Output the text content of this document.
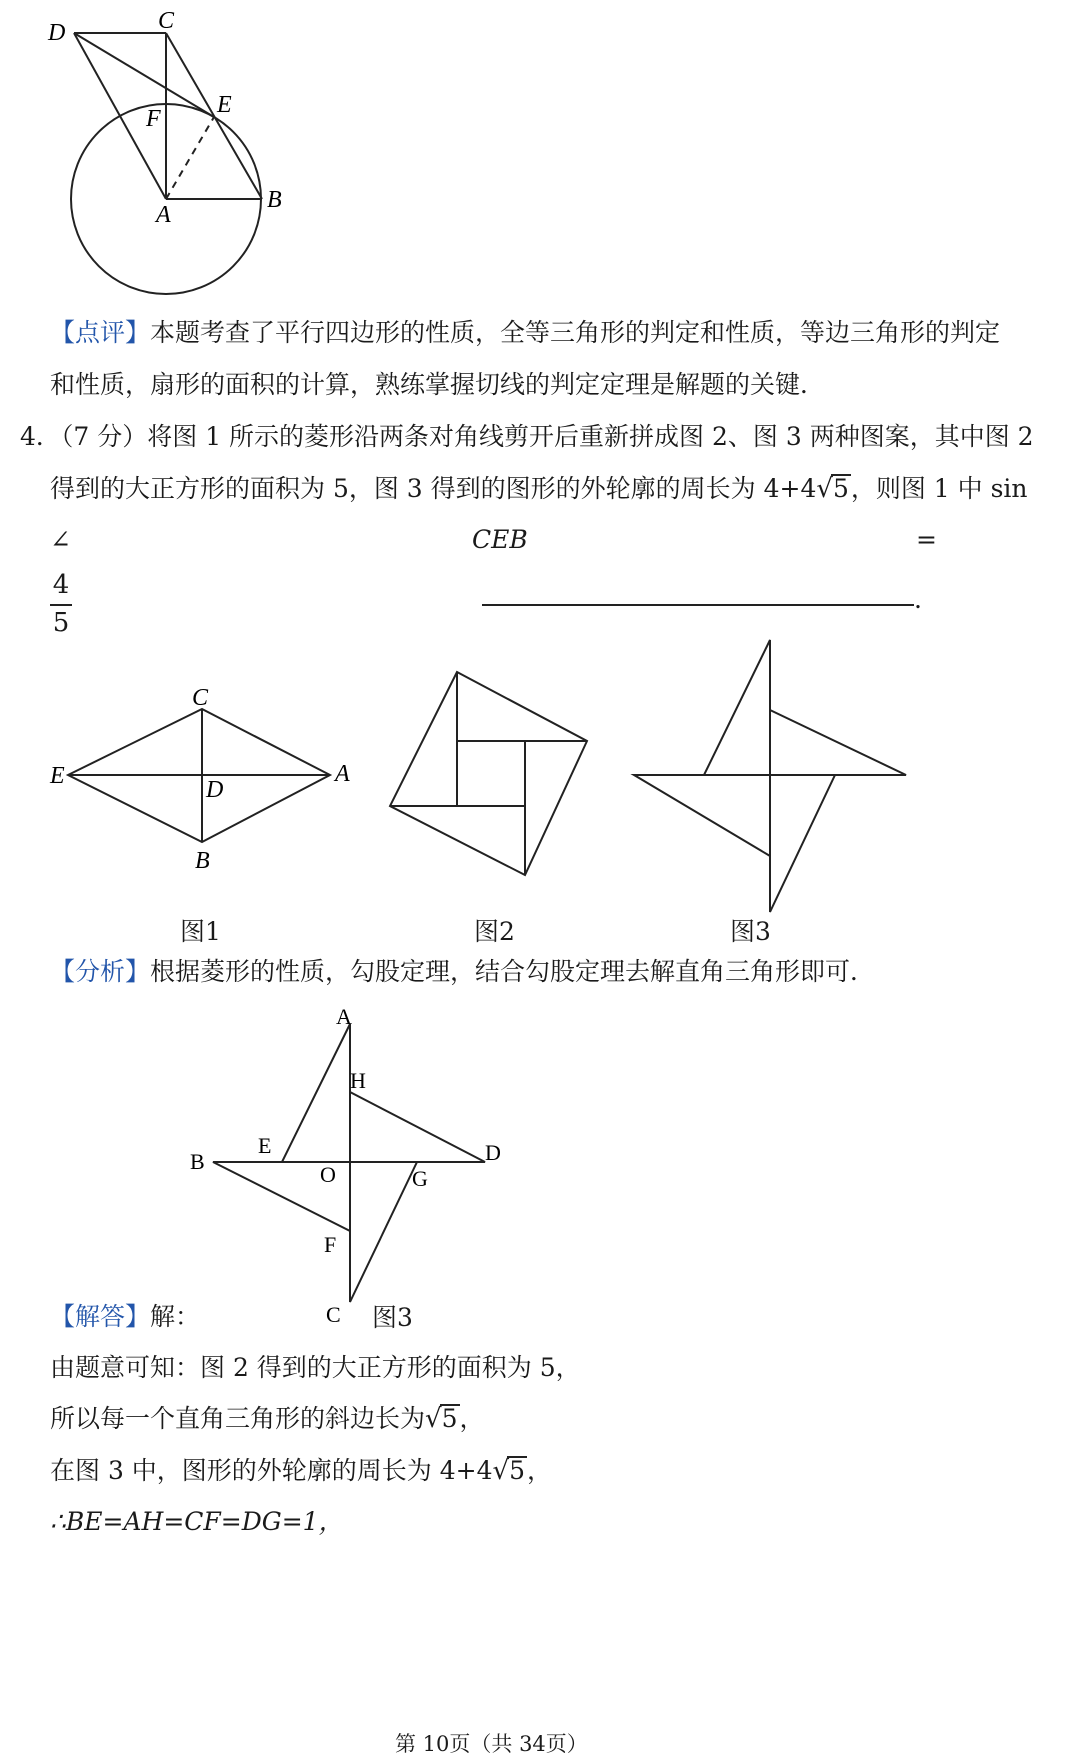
D	C
E
F
A
B
【点评】本题考查了平行四边形的性质，全等三角形的判定和性质，等边三角形的判定
和性质，扇形的面积的计算，熟练掌握切线的判定定理是解题的关键．
4．（7 分）将图 1 所示的菱形沿两条对角线剪开后重新拼成图 2、图 3 两种图案，其中图 2
得到的大正方形的面积为 5，图 3 得到的图形的外轮廓的周长为 4+4√5，则图 1 中 sin
∠	CEB	=
4
5
.
C
E	A
D
B
图1	图2	图3
【分析】根据菱形的性质，勾股定理，结合勾股定理去解直角三角形即可．
A
H
B
E
O	G
D
F
C 图3
【解答】解：
由题意可知：图 2 得到的大正方形的面积为 5，
所以每一个直角三角形的斜边长为√5，
在图 3 中，图形的外轮廓的周长为 4+4√5，
∴BE=AH=CF=DG=1，
第 10页（共 34页）
